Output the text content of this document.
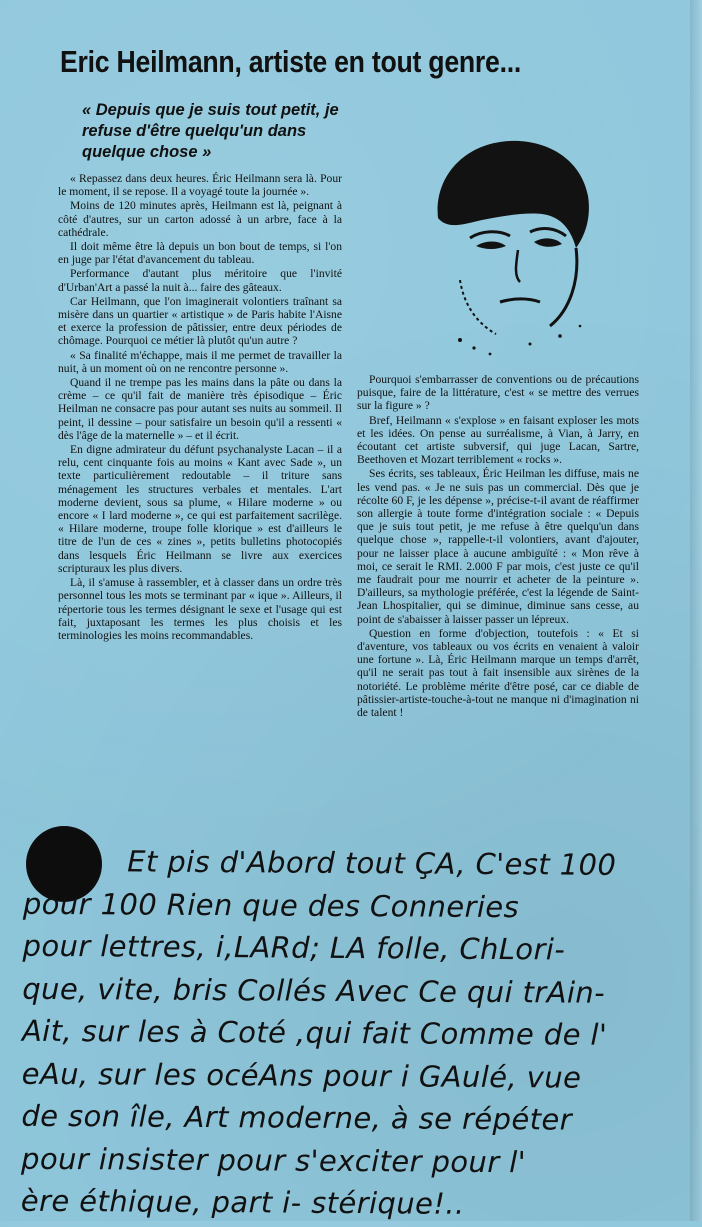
Eric Heilmann, artiste en tout genre...

« Depuis que je suis tout petit, je refuse d'être quelqu'un dans quelque chose »

« Repassez dans deux heures. Éric Heilmann sera là. Pour le moment, il se repose. Il a voyagé toute la journée ».

Moins de 120 minutes après, Heilmann est là, peignant à côté d'autres, sur un carton adossé à un arbre, face à la cathédrale.

Il doit même être là depuis un bon bout de temps, si l'on en juge par l'état d'avancement du tableau.

Performance d'autant plus méritoire que l'invité d'Urban'Art a passé la nuit à... faire des gâteaux.

Car Heilmann, que l'on imaginerait volontiers traînant sa misère dans un quartier « artistique » de Paris habite l'Aisne et exerce la profession de pâtissier, entre deux périodes de chômage. Pourquoi ce métier là plutôt qu'un autre ?

« Sa finalité m'échappe, mais il me permet de travailler la nuit, à un moment où on ne rencontre personne ».

Quand il ne trempe pas les mains dans la pâte ou dans la crème – ce qu'il fait de manière très épisodique – Éric Heilman ne consacre pas pour autant ses nuits au sommeil. Il peint, il dessine – pour satisfaire un besoin qu'il a ressenti « dès l'âge de la maternelle » – et il écrit.

En digne admirateur du défunt psychanalyste Lacan – il a relu, cent cinquante fois au moins « Kant avec Sade », un texte particulièrement redoutable – il triture sans ménagement les structures verbales et mentales. L'art moderne devient, sous sa plume, « Hilare moderne » ou encore « I lard moderne », ce qui est parfaitement sacrilège. « Hilare moderne, troupe folle klorique » est d'ailleurs le titre de l'un de ces « zines », petits bulletins photocopiés dans lesquels Éric Heilmann se livre aux exercices scripturaux les plus divers.

Là, il s'amuse à rassembler, et à classer dans un ordre très personnel tous les mots se terminant par « ique ». Ailleurs, il répertorie tous les termes désignant le sexe et l'usage qui est fait, juxtaposant les termes les plus choisis et les terminologies les moins recommandables.

Pourquoi s'embarrasser de conventions ou de précautions puisque, faire de la littérature, c'est « se mettre des verrues sur la figure » ?

Bref, Heilmann « s'explose » en faisant exploser les mots et les idées. On pense au surréalisme, à Vian, à Jarry, en écoutant cet artiste subversif, qui juge Lacan, Sartre, Beethoven et Mozart terriblement « rocks ».

Ses écrits, ses tableaux, Éric Heilman les diffuse, mais ne les vend pas. « Je ne suis pas un commercial. Dès que je récolte 60 F, je les dépense », précise-t-il avant de réaffirmer son allergie à toute forme d'intégration sociale : « Depuis que je suis tout petit, je me refuse à être quelqu'un dans quelque chose », rappelle-t-il volontiers, avant d'ajouter, pour ne laisser place à aucune ambiguïté : « Mon rêve à moi, ce serait le RMI. 2.000 F par mois, c'est juste ce qu'il me faudrait pour me nourrir et acheter de la peinture ». D'ailleurs, sa mythologie préférée, c'est la légende de Saint-Jean Lhospitalier, qui se diminue, diminue sans cesse, au point de s'abaisser à laisser passer un lépreux.

Question en forme d'objection, toutefois : « Et si d'aventure, vos tableaux ou vos écrits en venaient à valoir une fortune ». Là, Éric Heilmann marque un temps d'arrêt, qu'il ne serait pas tout à fait insensible aux sirènes de la notoriété. Le problème mérite d'être posé, car ce diable de pâtissier-artiste-touche-à-tout ne manque ni d'imagination ni de talent !

Et pis d'Abord tout ÇA, C'est 100
pour 100 Rien que des Conneries
pour lettres, i,LARd; LA folle, ChLori-
que, vite, bris Collés Avec Ce qui trAin-
Ait, sur les à Coté ,qui fait Comme de l'
eAu, sur les océAns pour i GAulé, vue
de son île, Art moderne, à se répéter
pour insister pour s'exciter pour l'
ère éthique, part i- stérique!..
